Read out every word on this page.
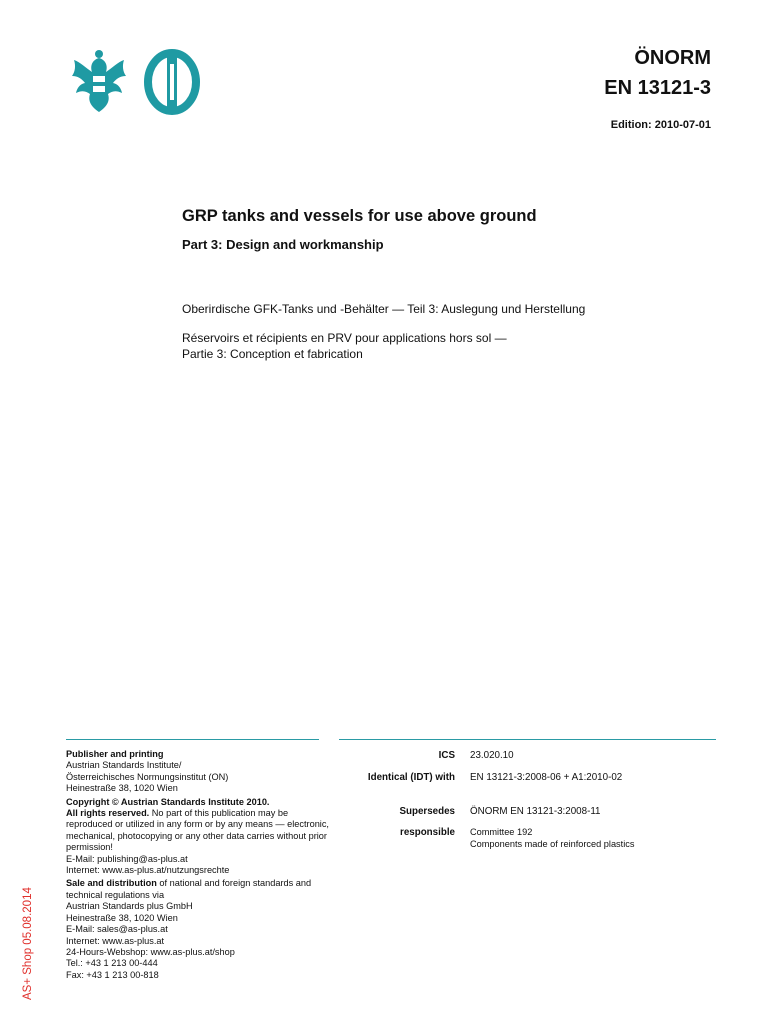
ÖNORM
EN 13121-3
Edition: 2010-07-01
GRP tanks and vessels for use above ground
Part 3: Design and workmanship
Oberirdische GFK-Tanks und -Behälter — Teil 3: Auslegung und Herstellung
Réservoirs et récipients en PRV pour applications hors sol —
Partie 3: Conception et fabrication
Publisher and printing
Austrian Standards Institute/
Österreichisches Normungsinstitut (ON)
Heinestraße 38, 1020 Wien
Copyright © Austrian Standards Institute 2010.
All rights reserved. No part of this publication may be reproduced or utilized in any form or by any means — electronic, mechanical, photocopying or any other data carries without prior permission!
E-Mail: publishing@as-plus.at
Internet: www.as-plus.at/nutzungsrechte
Sale and distribution of national and foreign standards and technical regulations via
Austrian Standards plus GmbH
Heinestraße 38, 1020 Wien
E-Mail: sales@as-plus.at
Internet: www.as-plus.at
24-Hours-Webshop: www.as-plus.at/shop
Tel.: +43 1 213 00-444
Fax: +43 1 213 00-818
ICS 23.020.10
Identical (IDT) with EN 13121-3:2008-06 + A1:2010-02
Supersedes ÖNORM EN 13121-3:2008-11
responsible Committee 192
Components made of reinforced plastics
AS+ Shop 05.08.2014
